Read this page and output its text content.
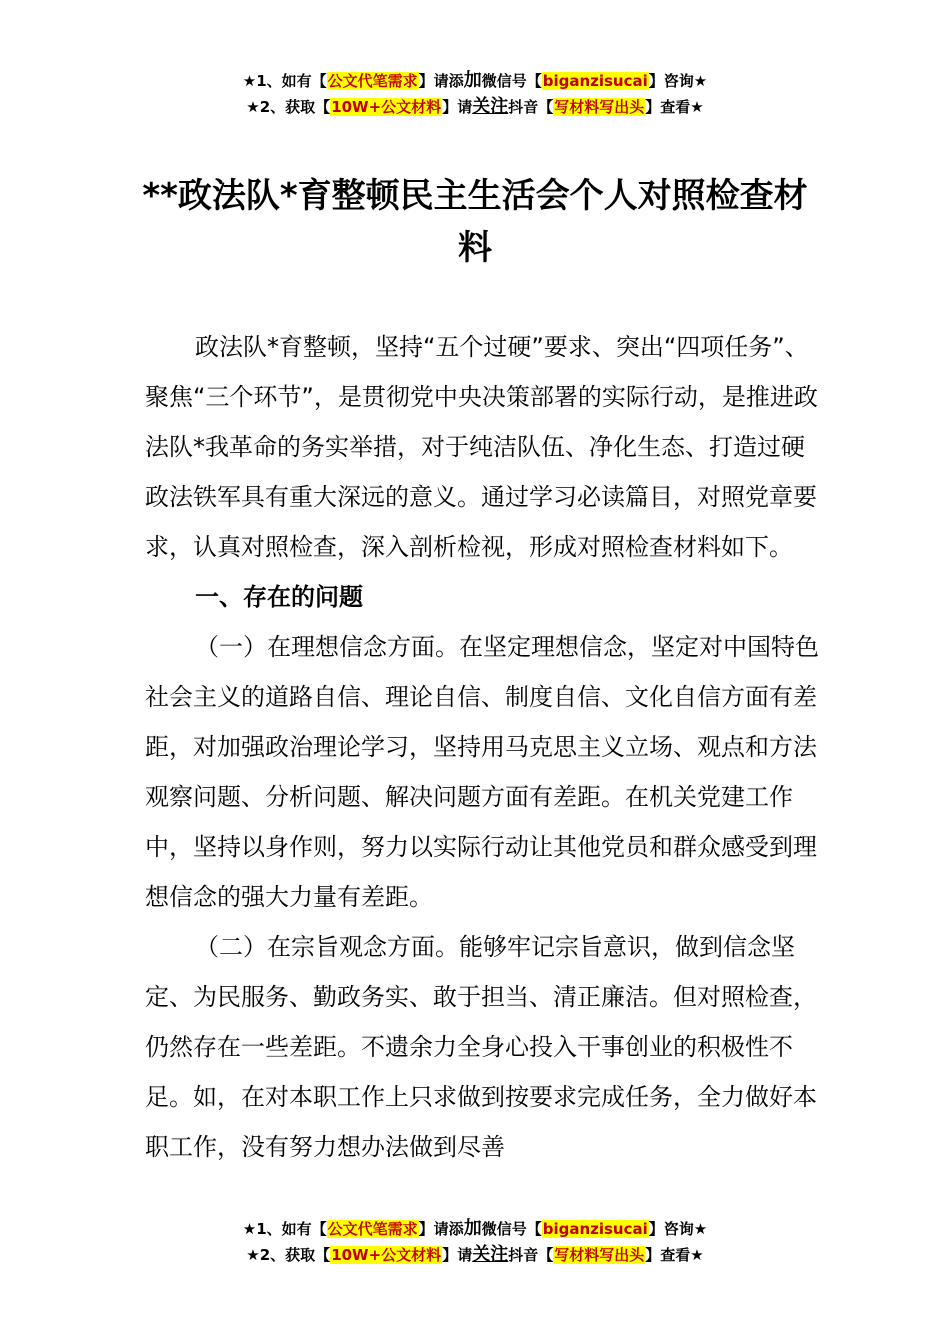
★1、如有【公文代笔需求】请添加微信号【biganzisucai】咨询★
★2、获取【10W+公文材料】请关注抖音【写材料写出头】查看★
**政法队*育整顿民主生活会个人对照检查材料

政法队*育整顿，坚持“五个过硬”要求、突出“四项任务”、聚焦“三个环节”，是贯彻党中央决策部署的实际行动，是推进政法队*我革命的务实举措，对于纯洁队伍、净化生态、打造过硬政法铁军具有重大深远的意义。通过学习必读篇目，对照党章要求，认真对照检查，深入剖析检视，形成对照检查材料如下。

一、存在的问题

（一）在理想信念方面。在坚定理想信念，坚定对中国特色社会主义的道路自信、理论自信、制度自信、文化自信方面有差距，对加强政治理论学习，坚持用马克思主义立场、观点和方法观察问题、分析问题、解决问题方面有差距。在机关党建工作中，坚持以身作则，努力以实际行动让其他党员和群众感受到理想信念的强大力量有差距。

（二）在宗旨观念方面。能够牢记宗旨意识，做到信念坚定、为民服务、勤政务实、敢于担当、清正廉洁。但对照检查，仍然存在一些差距。不遗余力全身心投入干事创业的积极性不足。如，在对本职工作上只求做到按要求完成任务，全力做好本职工作，没有努力想办法做到尽善

★1、如有【公文代笔需求】请添加微信号【biganzisucai】咨询★
★2、获取【10W+公文材料】请关注抖音【写材料写出头】查看★
